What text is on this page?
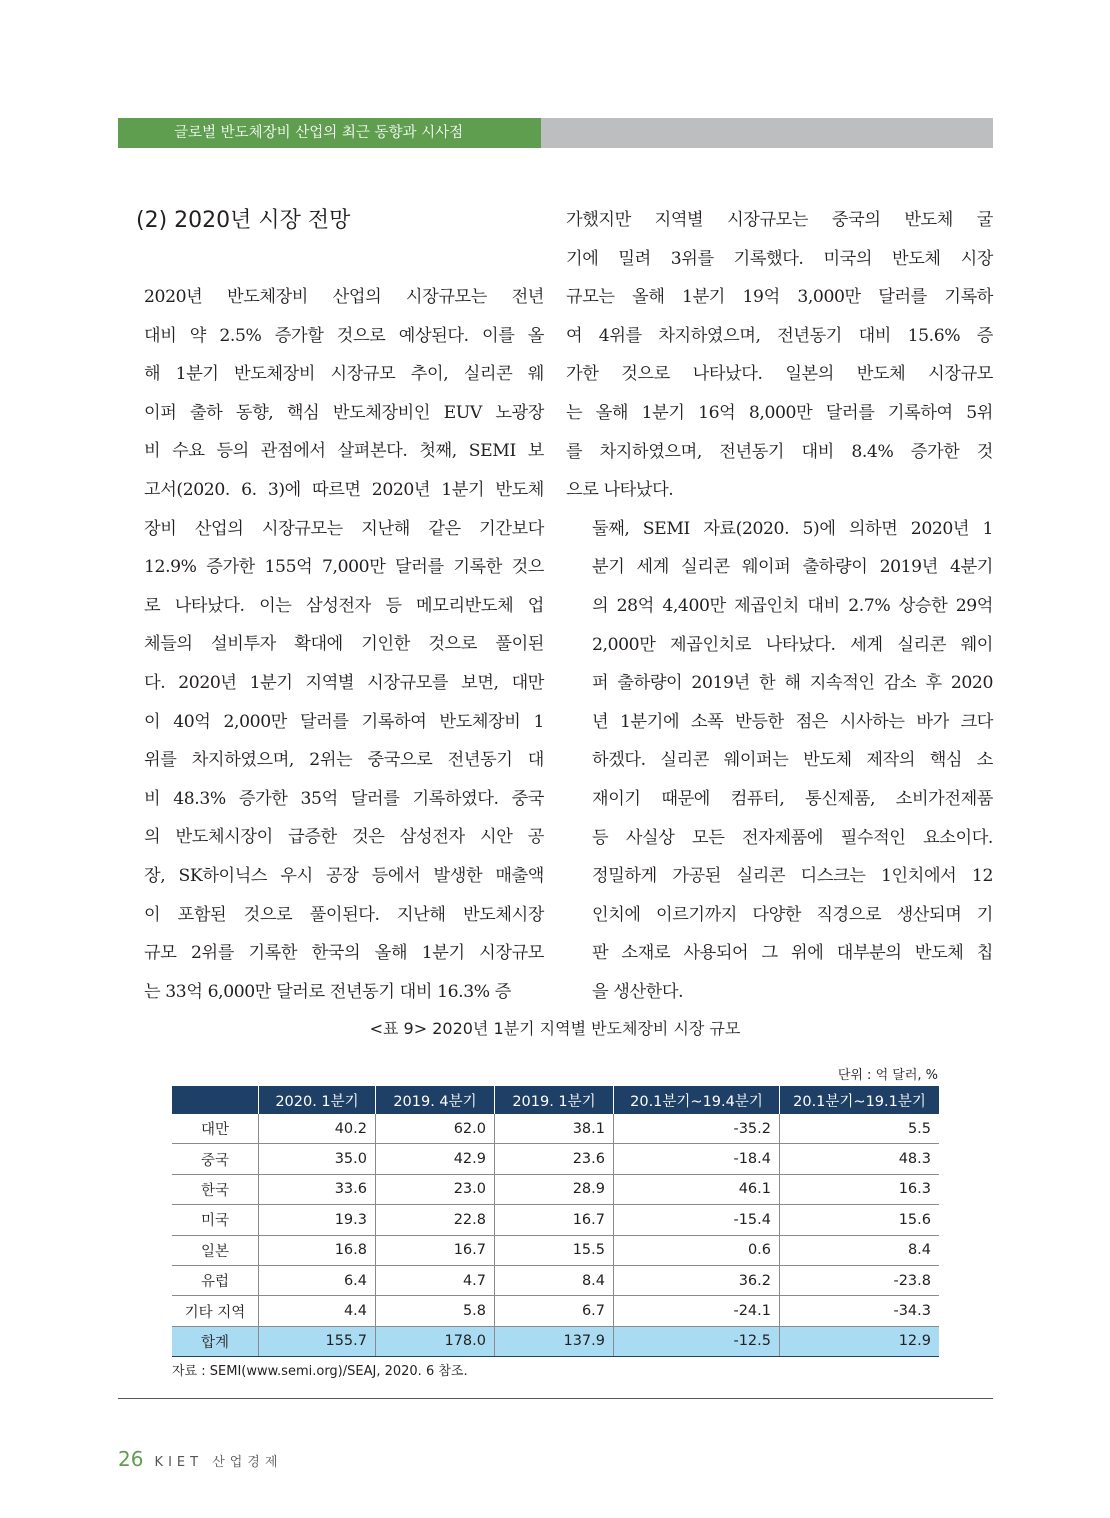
글로벌 반도체장비 산업의 최근 동향과 시사점
(2) 2020년 시장 전망

2020년 반도체장비 산업의 시장규모는 전년
대비 약 2.5% 증가할 것으로 예상된다. 이를 올
해 1분기 반도체장비 시장규모 추이, 실리콘 웨
이퍼 출하 동향, 핵심 반도체장비인 EUV 노광장
비 수요 등의 관점에서 살펴본다. 첫째, SEMI 보
고서(2020. 6. 3)에 따르면 2020년 1분기 반도체
장비 산업의 시장규모는 지난해 같은 기간보다
12.9% 증가한 155억 7,000만 달러를 기록한 것으
로 나타났다. 이는 삼성전자 등 메모리반도체 업
체들의 설비투자 확대에 기인한 것으로 풀이된
다. 2020년 1분기 지역별 시장규모를 보면, 대만
이 40억 2,000만 달러를 기록하여 반도체장비 1
위를 차지하였으며, 2위는 중국으로 전년동기 대
비 48.3% 증가한 35억 달러를 기록하였다. 중국
의 반도체시장이 급증한 것은 삼성전자 시안 공
장, SK하이닉스 우시 공장 등에서 발생한 매출액
이 포함된 것으로 풀이된다. 지난해 반도체시장
규모 2위를 기록한 한국의 올해 1분기 시장규모
는 33억 6,000만 달러로 전년동기 대비 16.3% 증

가했지만 지역별 시장규모는 중국의 반도체 굴
기에 밀려 3위를 기록했다. 미국의 반도체 시장
규모는 올해 1분기 19억 3,000만 달러를 기록하
여 4위를 차지하였으며, 전년동기 대비 15.6% 증
가한 것으로 나타났다. 일본의 반도체 시장규모
는 올해 1분기 16억 8,000만 달러를 기록하여 5위
를 차지하였으며, 전년동기 대비 8.4% 증가한 것
으로 나타났다.

둘째, SEMI 자료(2020. 5)에 의하면 2020년 1
분기 세계 실리콘 웨이퍼 출하량이 2019년 4분기
의 28억 4,400만 제곱인치 대비 2.7% 상승한 29억
2,000만 제곱인치로 나타났다. 세계 실리콘 웨이
퍼 출하량이 2019년 한 해 지속적인 감소 후 2020
년 1분기에 소폭 반등한 점은 시사하는 바가 크다
하겠다. 실리콘 웨이퍼는 반도체 제작의 핵심 소
재이기 때문에 컴퓨터, 통신제품, 소비가전제품
등 사실상 모든 전자제품에 필수적인 요소이다.
정밀하게 가공된 실리콘 디스크는 1인치에서 12
인치에 이르기까지 다양한 직경으로 생산되며 기
판 소재로 사용되어 그 위에 대부분의 반도체 칩
을 생산한다.

<표 9> 2020년 1분기 지역별 반도체장비 시장 규모
단위 : 억 달러, %
	2020. 1분기	2019. 4분기	2019. 1분기	20.1분기~19.4분기	20.1분기~19.1분기
대만	40.2	62.0	38.1	-35.2	5.5
중국	35.0	42.9	23.6	-18.4	48.3
한국	33.6	23.0	28.9	46.1	16.3
미국	19.3	22.8	16.7	-15.4	15.6
일본	16.8	16.7	15.5	0.6	8.4
유럽	6.4	4.7	8.4	36.2	-23.8
기타 지역	4.4	5.8	6.7	-24.1	-34.3
합계	155.7	178.0	137.9	-12.5	12.9
자료 : SEMI(www.semi.org)/SEAJ, 2020. 6 참조.
26 KIET 산업경제
